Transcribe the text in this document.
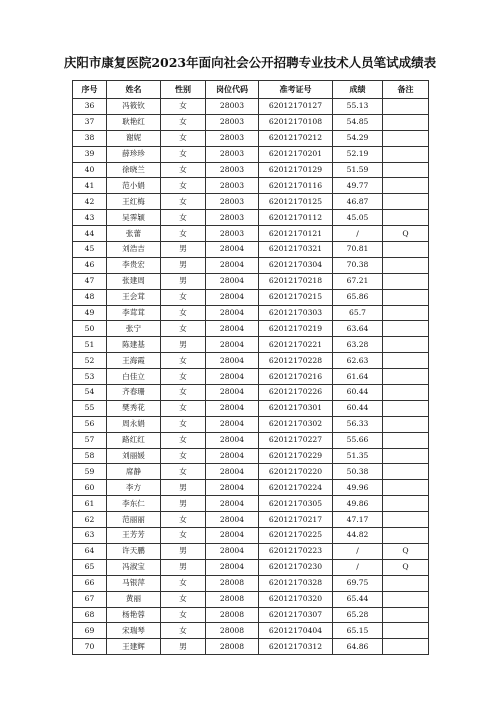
庆阳市康复医院2023年面向社会公开招聘专业技术人员笔试成绩表
序号	姓名	性别	岗位代码	准考证号	成绩	备注
36	冯筱钦	女	28003	62012170127	55.13	
37	耿艳红	女	28003	62012170108	54.85	
38	谢妮	女	28003	62012170212	54.29	
39	薛珍珍	女	28003	62012170201	52.19	
40	徐晓兰	女	28003	62012170129	51.59	
41	范小娟	女	28003	62012170116	49.77	
42	王红梅	女	28003	62012170125	46.87	
43	吴霁颖	女	28003	62012170112	45.05	
44	张蕾	女	28003	62012170121	/	Q
45	刘浩吉	男	28004	62012170321	70.81	
46	李贵宏	男	28004	62012170304	70.38	
47	张建周	男	28004	62012170218	67.21	
48	王会茸	女	28004	62012170215	65.86	
49	李茸茸	女	28004	62012170303	65.7	
50	张宁	女	28004	62012170219	63.64	
51	陈建基	男	28004	62012170221	63.28	
52	王海霞	女	28004	62012170228	62.63	
53	白佳立	女	28004	62012170216	61.64	
54	齐春珊	女	28004	62012170226	60.44	
55	樊秀花	女	28004	62012170301	60.44	
56	周永娟	女	28004	62012170302	56.33	
57	路红红	女	28004	62012170227	55.66	
58	刘丽媛	女	28004	62012170229	51.35	
59	席静	女	28004	62012170220	50.38	
60	李方	男	28004	62012170224	49.96	
61	李东仁	男	28004	62012170305	49.86	
62	范丽丽	女	28004	62012170217	47.17	
63	王芳芳	女	28004	62012170225	44.82	
64	许天鹏	男	28004	62012170223	/	Q
65	冯淑宝	男	28004	62012170230	/	Q
66	马银萍	女	28008	62012170328	69.75	
67	黄丽	女	28008	62012170320	65.44	
68	杨艳蓉	女	28008	62012170307	65.28	
69	宋瑞琴	女	28008	62012170404	65.15	
70	王建辉	男	28008	62012170312	64.86	
